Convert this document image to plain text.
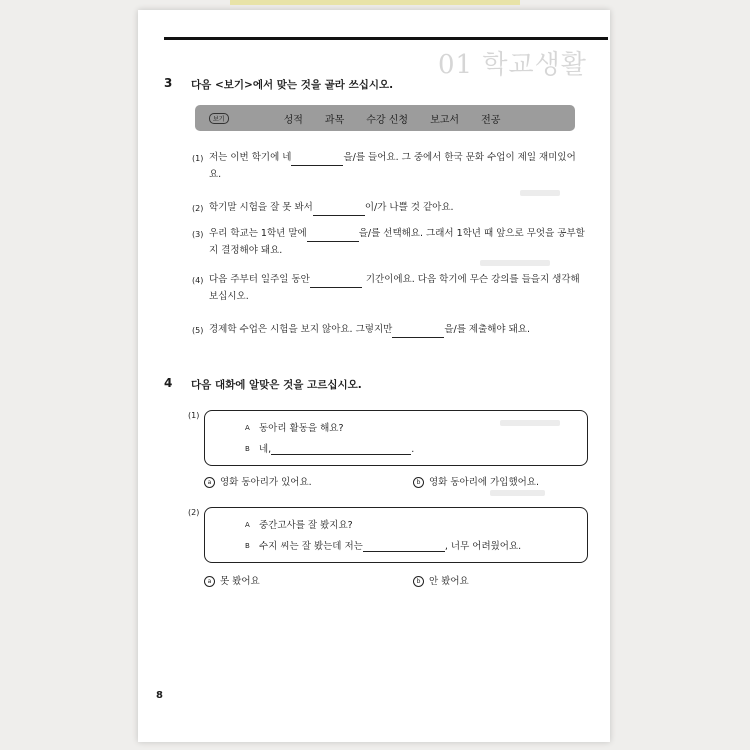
01 학교생활
3 다음 <보기>에서 맞는 것을 골라 쓰십시오.
보기	성적 과목 수강 신청 보고서 전공
(1) 저는 이번 학기에 네	을/를 들어요. 그 중에서 한국 문화 수업이 제일 재미있어
요.
(2) 학기말 시험을 잘 못 봐서	이/가 나쁠 것 같아요.
(3) 우리 학교는 1학년 말에	을/를 선택해요. 그래서 1학년 때 앞으로 무엇을 공부할
지 결정해야 돼요.
(4) 다음 주부터 일주일 동안	기간이에요. 다음 학기에 무슨 강의를 들을지 생각해
보십시오.
(5) 경제학 수업은 시험을 보지 않아요. 그렇지만	을/를 제출해야 돼요.
4 다음 대화에 알맞은 것을 고르십시오.
(1)
A 동아리 활동을 해요?
B 네,	.
a 영화 동아리가 있어요.	b 영화 동아리에 가입했어요.
(2)
A 중간고사를 잘 봤지요?
B 수지 씨는 잘 봤는데 저는	, 너무 어려웠어요.
a 못 봤어요	b 안 봤어요
8
